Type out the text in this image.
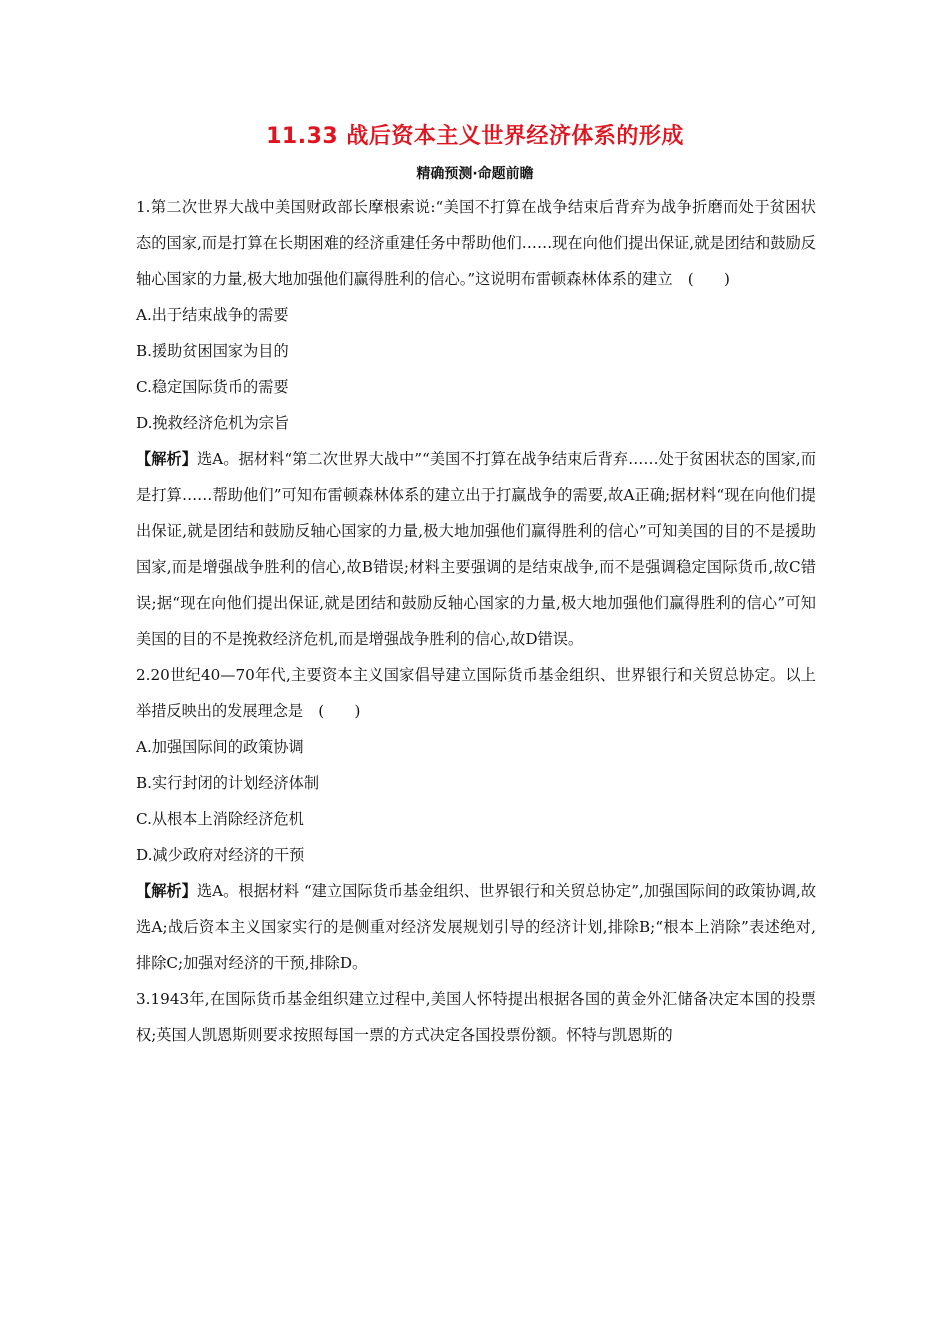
11.33 战后资本主义世界经济体系的形成
精确预测·命题前瞻

1.第二次世界大战中美国财政部长摩根索说:“美国不打算在战争结束后背弃为战争折磨而处于贫困状态的国家,而是打算在长期困难的经济重建任务中帮助他们……现在向他们提出保证,就是团结和鼓励反轴心国家的力量,极大地加强他们赢得胜利的信心。”这说明布雷顿森林体系的建立　(　　)

A.出于结束战争的需要

B.援助贫困国家为目的

C.稳定国际货币的需要

D.挽救经济危机为宗旨

【解析】选A。据材料“第二次世界大战中”“美国不打算在战争结束后背弃……处于贫困状态的国家,而是打算……帮助他们”可知布雷顿森林体系的建立出于打赢战争的需要,故A正确;据材料“现在向他们提出保证,就是团结和鼓励反轴心国家的力量,极大地加强他们赢得胜利的信心”可知美国的目的不是援助国家,而是增强战争胜利的信心,故B错误;材料主要强调的是结束战争,而不是强调稳定国际货币,故C错误;据“现在向他们提出保证,就是团结和鼓励反轴心国家的力量,极大地加强他们赢得胜利的信心”可知美国的目的不是挽救经济危机,而是增强战争胜利的信心,故D错误。

2.20世纪40—70年代,主要资本主义国家倡导建立国际货币基金组织、世界银行和关贸总协定。以上举措反映出的发展理念是　(　　)

A.加强国际间的政策协调

B.实行封闭的计划经济体制

C.从根本上消除经济危机

D.减少政府对经济的干预

【解析】选A。根据材料 “建立国际货币基金组织、世界银行和关贸总协定”,加强国际间的政策协调,故选A;战后资本主义国家实行的是侧重对经济发展规划引导的经济计划,排除B;“根本上消除”表述绝对,排除C;加强对经济的干预,排除D。

3.1943年,在国际货币基金组织建立过程中,美国人怀特提出根据各国的黄金外汇储备决定本国的投票权;英国人凯恩斯则要求按照每国一票的方式决定各国投票份额。怀特与凯恩斯的
